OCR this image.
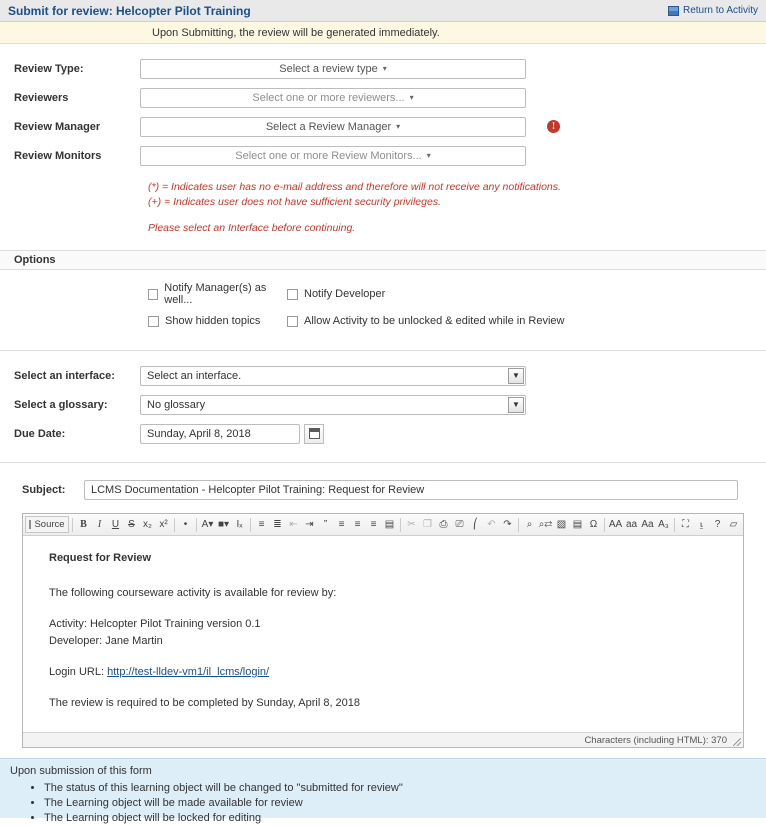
Submit for review: Helcopter Pilot Training	Return to Activity
Upon Submitting, the review will be generated immediately.
Review Type:	Select a review type ▾
Reviewers	Select one or more reviewers... ▾
Review Manager	Select a Review Manager ▾	!
Review Monitors	Select one or more Review Monitors... ▾
(*) = Indicates user has no e-mail address and therefore will not receive any notifications.
(+) = Indicates user does not have sufficient security privileges.
Please select an Interface before continuing.
Options
Notify Manager(s) as well...	Notify Developer
Show hidden topics	Allow Activity to be unlocked & edited while in Review
Select an interface:	Select an interface.	▼
Select a glossary:	No glossary	▼
Due Date:	Sunday, April 8, 2018
Subject:	LCMS Documentation - Helcopter Pilot Training: Request for Review
Source B I U S x₂ x²	•	A▾ ■▾ Iₓ	≡ ≣ ⇤ ⇥	”	≡	≡	≡ ▤	✂ ❐ ⎙ ⎚ ⎛ ↶ ↷	⌕ ⌕⇄ ▧ ▤ Ω	AA aa Aa A₃	⛶ ⍸	? ▱

Request for Review

The following courseware activity is available for review by:

Activity: Helcopter Pilot Training version 0.1

Developer: Jane Martin

Login URL: http://test-lldev-vm1/il_lcms/login/

The review is required to be completed by Sunday, April 8, 2018

Characters (including HTML): 370
Upon submission of this form
• The status of this learning object will be changed to "submitted for review"
• The Learning object will be made available for review
• The Learning object will be locked for editing
